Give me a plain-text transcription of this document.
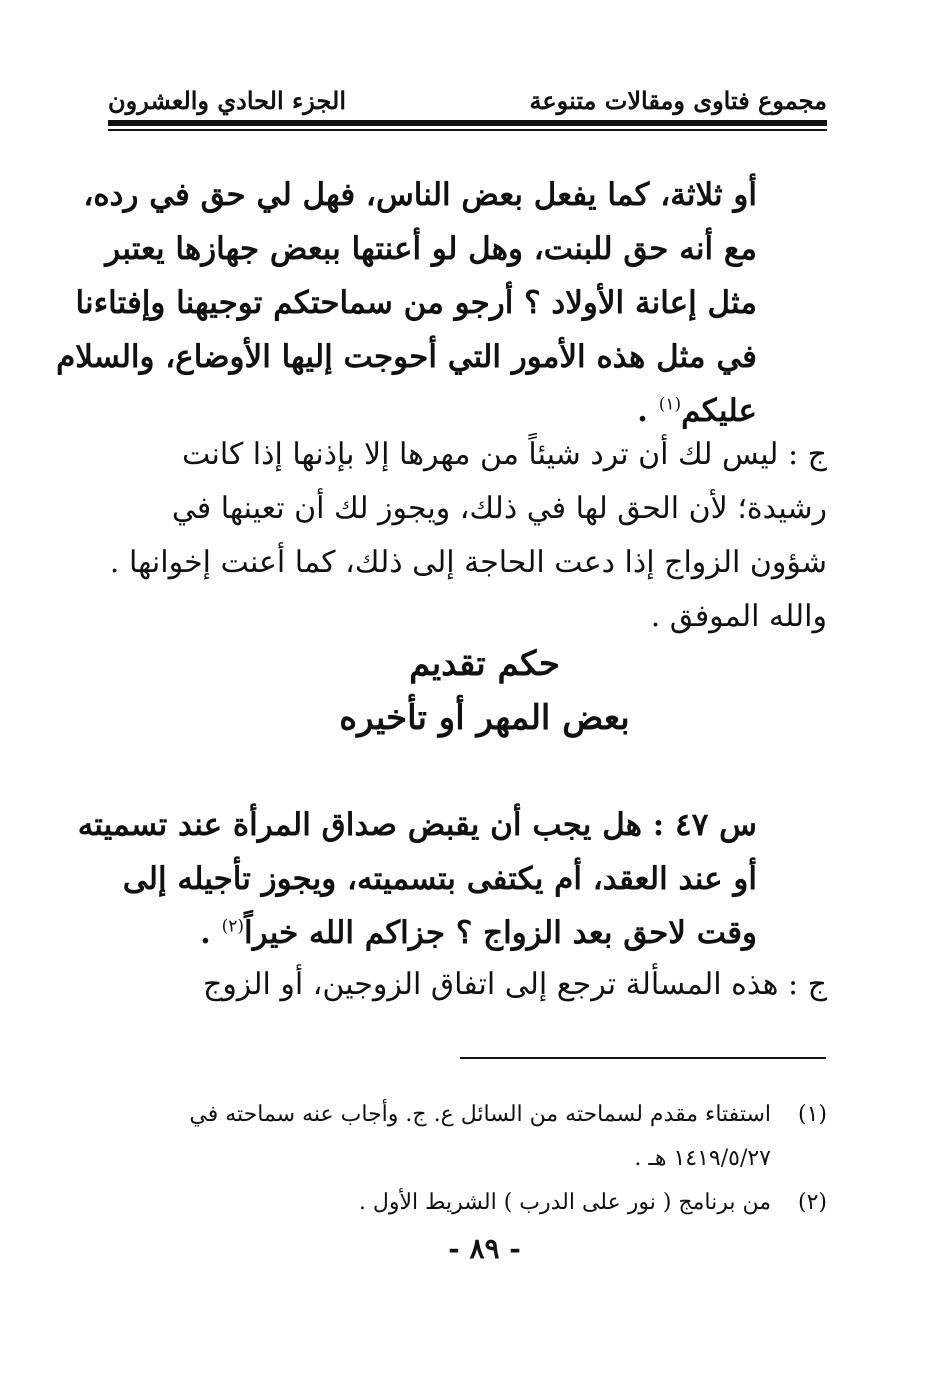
مجموع فتاوى ومقالات متنوعة
الجزء الحادي والعشرون
أو ثلاثة، كما يفعل بعض الناس، فهل لي حق في رده،
مع أنه حق للبنت، وهل لو أعنتها ببعض جهازها يعتبر
مثل إعانة الأولاد ؟ أرجو من سماحتكم توجيهنا وإفتاءنا
في مثل هذه الأمور التي أحوجت إليها الأوضاع، والسلام
عليكم$^{(١)}$ .
ج : ليس لك أن ترد شيئاً من مهرها إلا بإذنها إذا كانت
رشيدة؛ لأن الحق لها في ذلك، ويجوز لك أن تعينها في
شؤون الزواج إذا دعت الحاجة إلى ذلك، كما أعنت إخوانها .
والله الموفق .
حكم تقديم
بعض المهر أو تأخيره
س ٤٧ : هل يجب أن يقبض صداق المرأة عند تسميته
أو عند العقد، أم يكتفى بتسميته، ويجوز تأجيله إلى
وقت لاحق بعد الزواج ؟ جزاكم الله خيراً$^{(٢)}$ .
ج : هذه المسألة ترجع إلى اتفاق الزوجين، أو الزوج
(١)
استفتاء مقدم لسماحته من السائل ع. ج. وأجاب عنه سماحته في
١٤١٩/٥/٢٧ هـ .
(٢)
من برنامج ( نور على الدرب ) الشريط الأول .
- ٨٩ -
